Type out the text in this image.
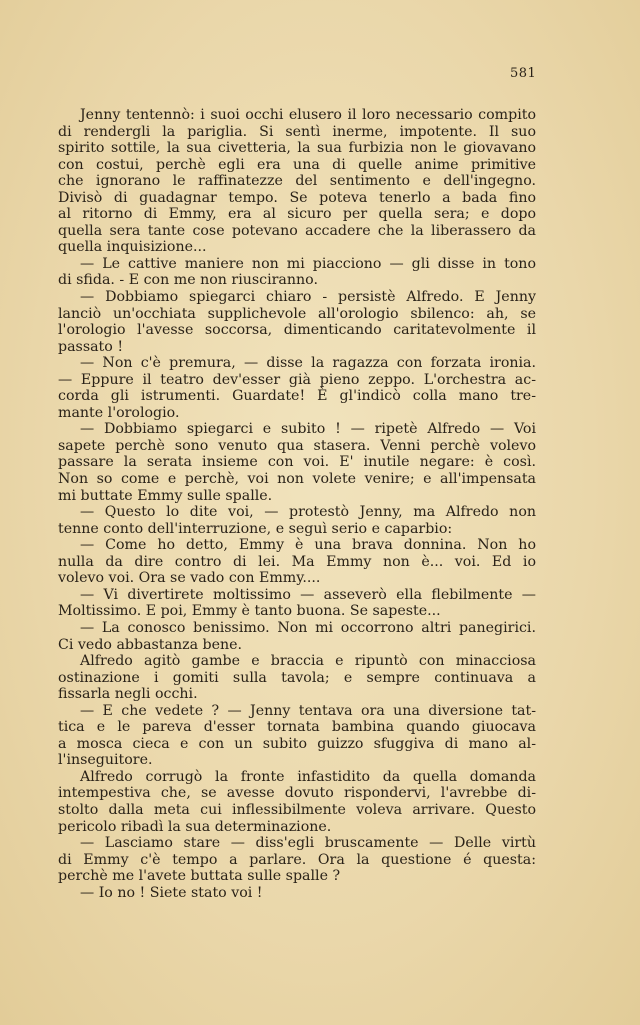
581
Jenny tentennò: i suoi occhi elusero il loro necessario compito
di rendergli la pariglia. Si sentì inerme, impotente. Il suo
spirito sottile, la sua civetteria, la sua furbizia non le giovavano
con costui, perchè egli era una di quelle anime primitive
che ignorano le raffinatezze del sentimento e dell'ingegno.
Divisò di guadagnar tempo. Se poteva tenerlo a bada fino
al ritorno di Emmy, era al sicuro per quella sera; e dopo
quella sera tante cose potevano accadere che la liberassero da
quella inquisizione...
— Le cattive maniere non mi piacciono — gli disse in tono
di sfida. - E con me non riusciranno.
— Dobbiamo spiegarci chiaro - persistè Alfredo. E Jenny
lanciò un'occhiata supplichevole all'orologio sbilenco: ah, se
l'orologio l'avesse soccorsa, dimenticando caritatevolmente il
passato !
— Non c'è premura, — disse la ragazza con forzata ironia.
— Eppure il teatro dev'esser già pieno zeppo. L'orchestra ac-
corda gli istrumenti. Guardate! È gl'indicò colla mano tre-
mante l'orologio.
— Dobbiamo spiegarci e subito ! — ripetè Alfredo — Voi
sapete perchè sono venuto qua stasera. Venni perchè volevo
passare la serata insieme con voi. E' inutile negare: è così.
Non so come e perchè, voi non volete venire; e all'impensata
mi buttate Emmy sulle spalle.
— Questo lo dite voi, — protestò Jenny, ma Alfredo non
tenne conto dell'interruzione, e seguì serio e caparbio:
— Come ho detto, Emmy è una brava donnina. Non ho
nulla da dire contro di lei. Ma Emmy non è... voi. Ed io
volevo voi. Ora se vado con Emmy....
— Vi divertirete moltissimo — asseverò ella flebilmente —
Moltissimo. E poi, Emmy è tanto buona. Se sapeste...
— La conosco benissimo. Non mi occorrono altri panegirici.
Ci vedo abbastanza bene.
Alfredo agitò gambe e braccia e ripuntò con minacciosa
ostinazione i gomiti sulla tavola; e sempre continuava a
fissarla negli occhi.
— E che vedete ? — Jenny tentava ora una diversione tat-
tica e le pareva d'esser tornata bambina quando giuocava
a mosca cieca e con un subito guizzo sfuggiva di mano al-
l'inseguitore.
Alfredo corrugò la fronte infastidito da quella domanda
intempestiva che, se avesse dovuto rispondervi, l'avrebbe di-
stolto dalla meta cui inflessibilmente voleva arrivare. Questo
pericolo ribadì la sua determinazione.
— Lasciamo stare — diss'egli bruscamente — Delle virtù
di Emmy c'è tempo a parlare. Ora la questione é questa:
perchè me l'avete buttata sulle spalle ?
— Io no ! Siete stato voi !
